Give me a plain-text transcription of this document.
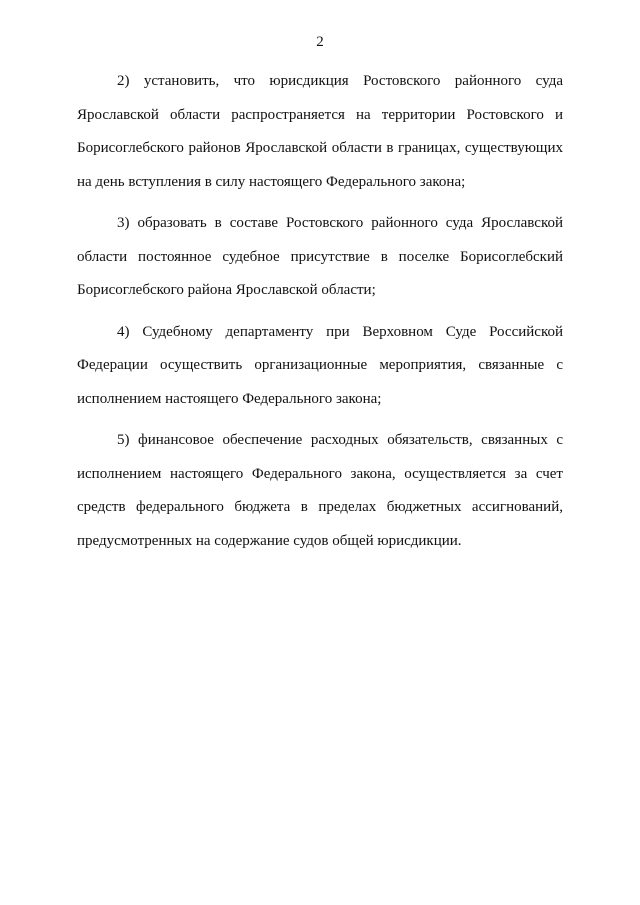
2

2) установить, что юрисдикция Ростовского районного суда Ярославской области распространяется на территории Ростовского и Борисоглебского районов Ярославской области в границах, существующих на день вступления в силу настоящего Федерального закона;

3) образовать в составе Ростовского районного суда Ярославской области постоянное судебное присутствие в поселке Борисоглебский Борисоглебского района Ярославской области;

4) Судебному департаменту при Верховном Суде Российской Федерации осуществить организационные мероприятия, связанные с исполнением настоящего Федерального закона;

5) финансовое обеспечение расходных обязательств, связанных с исполнением настоящего Федерального закона, осуществляется за счет средств федерального бюджета в пределах бюджетных ассигнований, предусмотренных на содержание судов общей юрисдикции.
